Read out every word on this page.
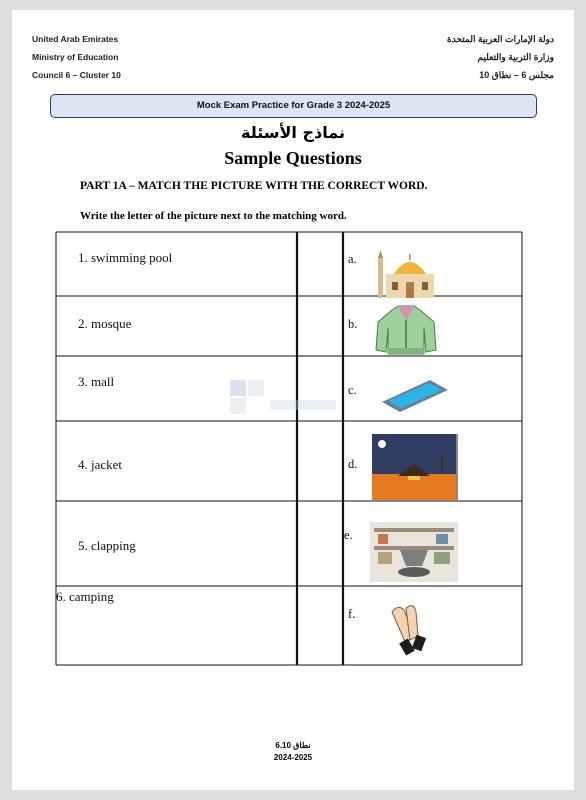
United Arab Emirates
Ministry of Education
Council 6 – Cluster 10
دولة الإمارات العربية المتحدة
وزارة التربية والتعليم
مجلس 6 – نطاق 10
Mock Exam Practice for Grade 3 2024-2025
نماذج الأسئلة
Sample Questions
PART 1A – MATCH THE PICTURE WITH THE CORRECT WORD.
Write the letter of the picture next to the matching word.
1. swimming pool
2. mosque
3. mall
4. jacket
5. clapping
6. camping
a.
b.
c.
d.
e.
f.
نطاق 6.10
2024-2025
